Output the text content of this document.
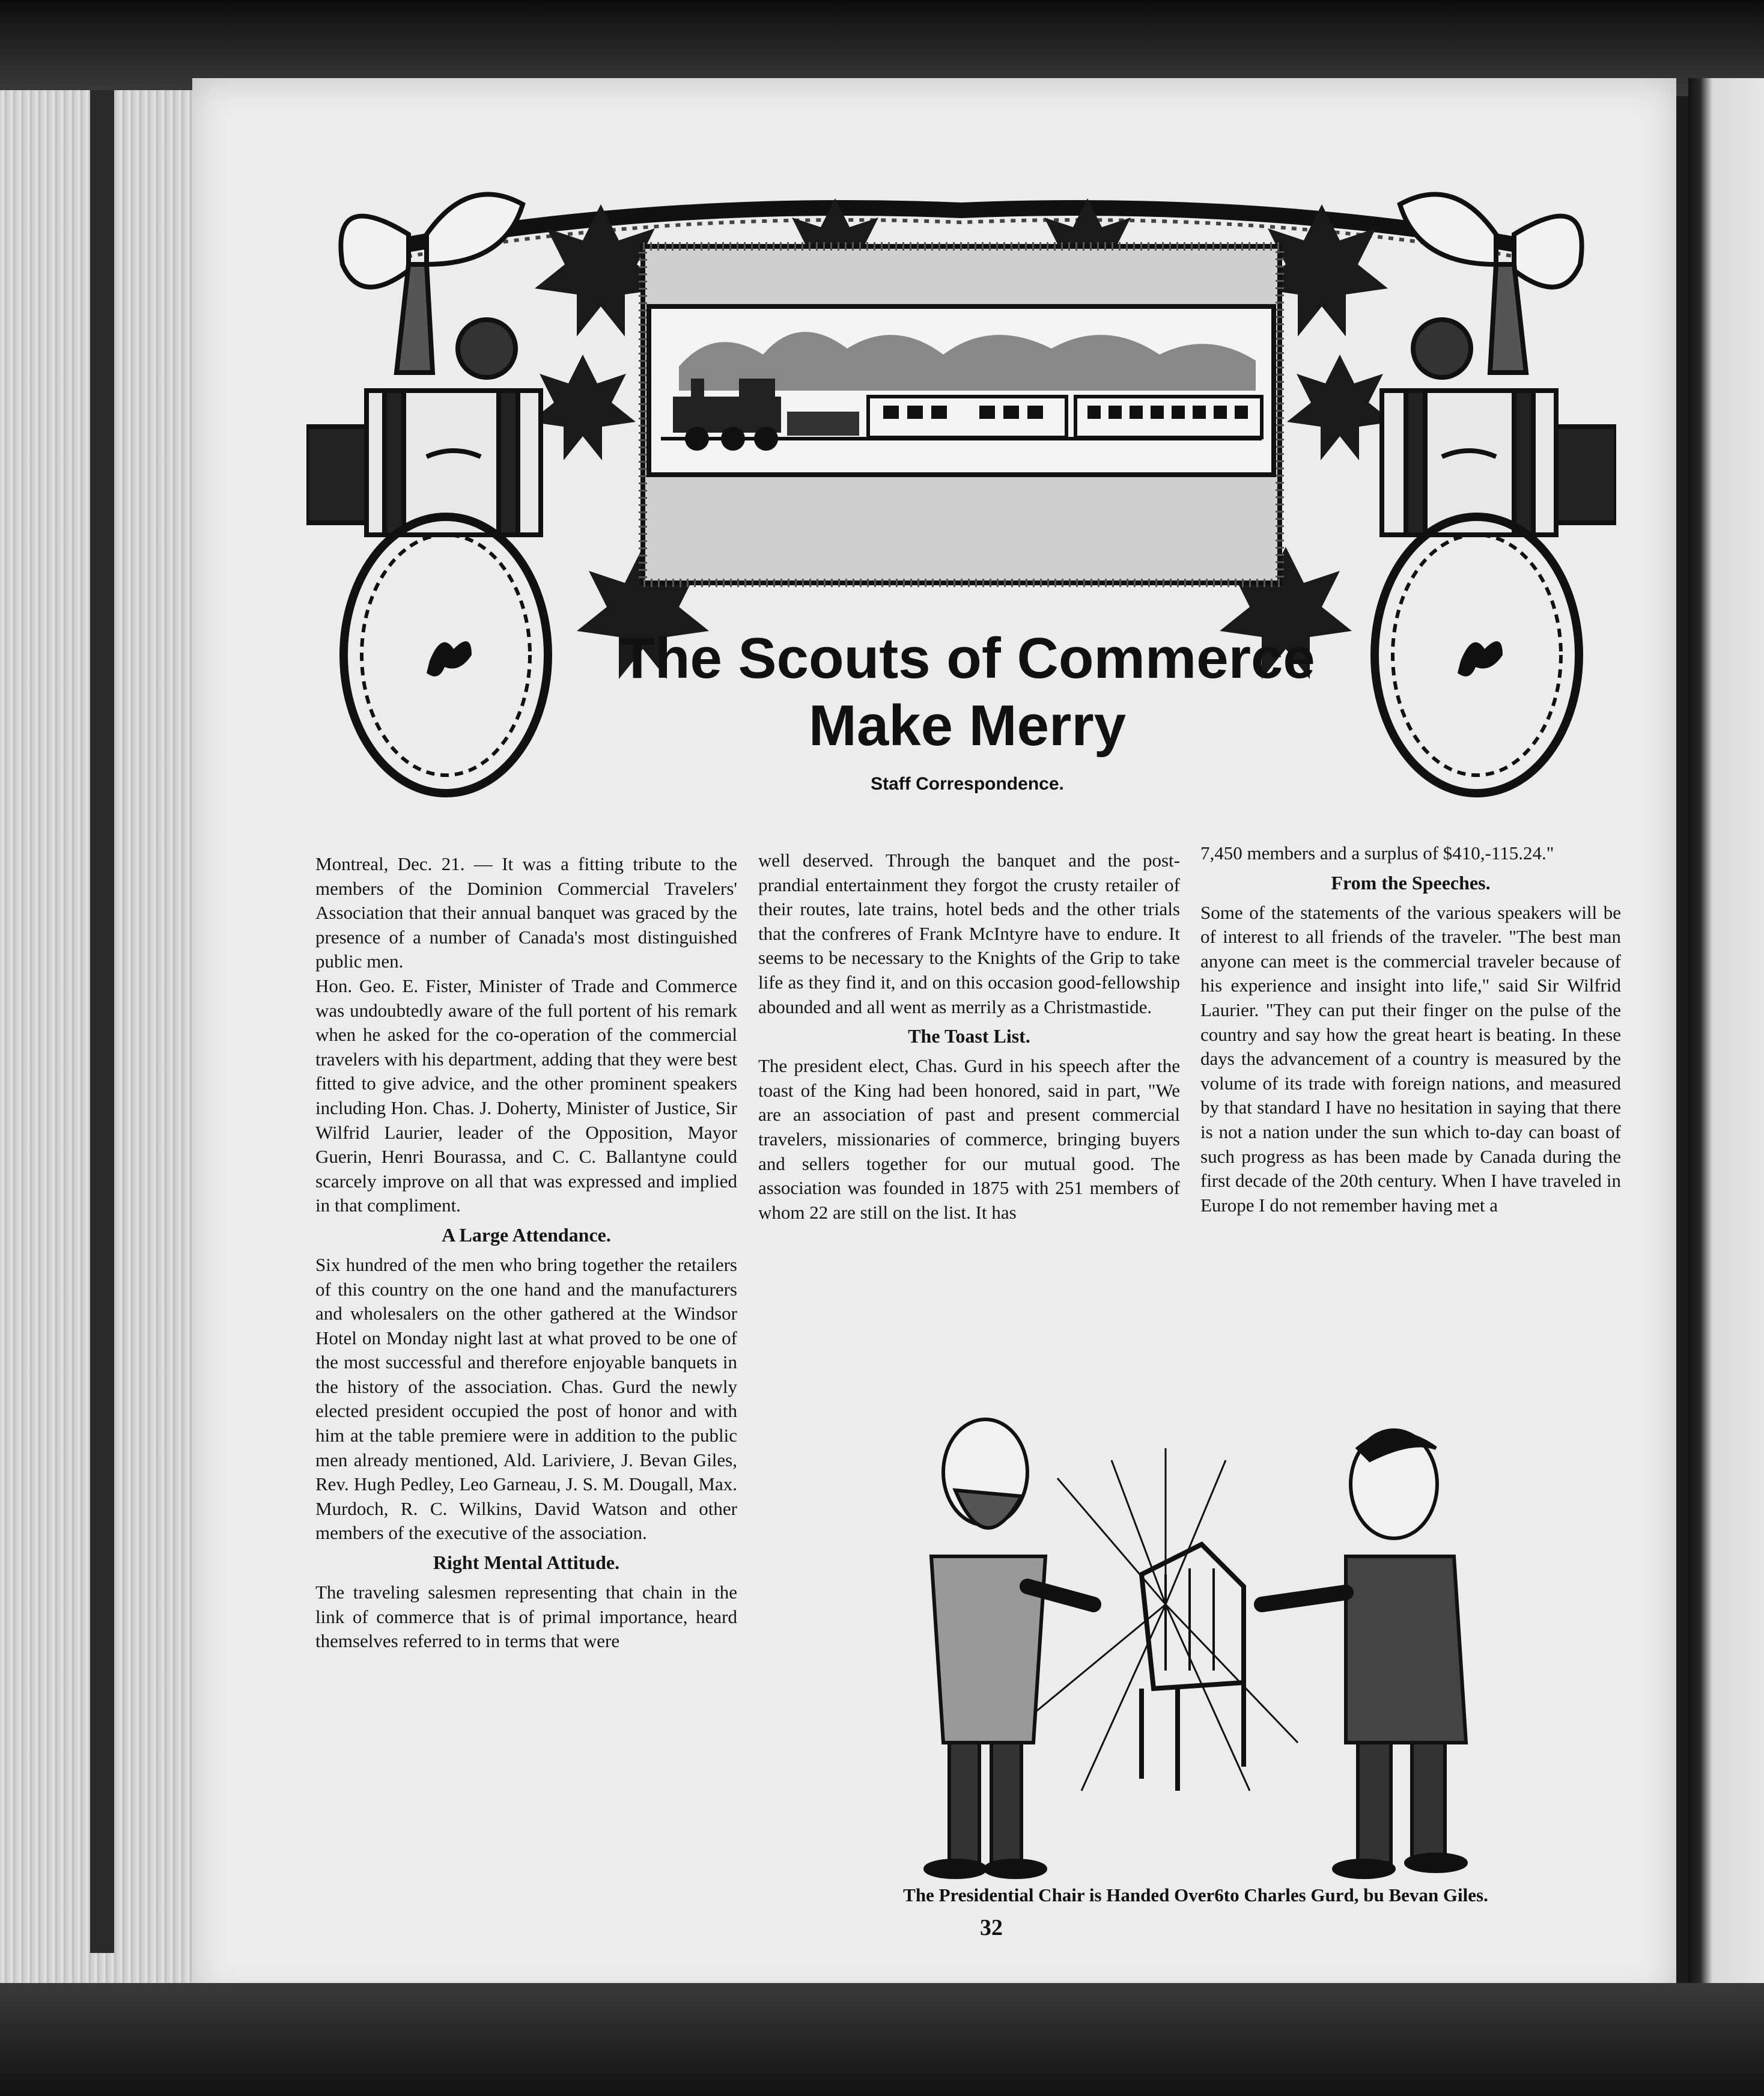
The Scouts of Commerce
Make Merry
Staff Correspondence.

Montreal, Dec. 21. — It was a fitting tribute to the members of the Dominion Commercial Travelers' Association that their annual banquet was graced by the presence of a number of Canada's most distinguished public men.

Hon. Geo. E. Fister, Minister of Trade and Commerce was undoubtedly aware of the full portent of his remark when he asked for the co-operation of the commercial travelers with his department, adding that they were best fitted to give advice, and the other prominent speakers including Hon. Chas. J. Doherty, Minister of Justice, Sir Wilfrid Laurier, leader of the Opposition, Mayor Guerin, Henri Bourassa, and C. C. Ballantyne could scarcely improve on all that was expressed and implied in that compliment.

A Large Attendance.

Six hundred of the men who bring together the retailers of this country on the one hand and the manufacturers and wholesalers on the other gathered at the Windsor Hotel on Monday night last at what proved to be one of the most successful and therefore enjoyable banquets in the history of the association. Chas. Gurd the newly elected president occupied the post of honor and with him at the table premiere were in addition to the public men already mentioned, Ald. Lariviere, J. Bevan Giles, Rev. Hugh Pedley, Leo Garneau, J. S. M. Dougall, Max. Murdoch, R. C. Wilkins, David Watson and other members of the executive of the association.

Right Mental Attitude.

The traveling salesmen representing that chain in the link of commerce that is of primal importance, heard themselves referred to in terms that were

well deserved. Through the banquet and the post-prandial entertainment they forgot the crusty retailer of their routes, late trains, hotel beds and the other trials that the confreres of Frank McIntyre have to endure. It seems to be necessary to the Knights of the Grip to take life as they find it, and on this occasion good-fellowship abounded and all went as merrily as a Christmastide.

The Toast List.

The president elect, Chas. Gurd in his speech after the toast of the King had been honored, said in part, "We are an association of past and present commercial travelers, missionaries of commerce, bringing buyers and sellers together for our mutual good. The association was founded in 1875 with 251 members of whom 22 are still on the list. It has

7,450 members and a surplus of $410,-115.24."

From the Speeches.

Some of the statements of the various speakers will be of interest to all friends of the traveler. "The best man anyone can meet is the commercial traveler because of his experience and insight into life," said Sir Wilfrid Laurier. "They can put their finger on the pulse of the country and say how the great heart is beating. In these days the advancement of a country is measured by the volume of its trade with foreign nations, and measured by that standard I have no hesitation in saying that there is not a nation under the sun which to-day can boast of such progress as has been made by Canada during the first decade of the 20th century. When I have traveled in Europe I do not remember having met a

The Presidential Chair is Handed Over6to Charles Gurd, bu Bevan Giles.
32
